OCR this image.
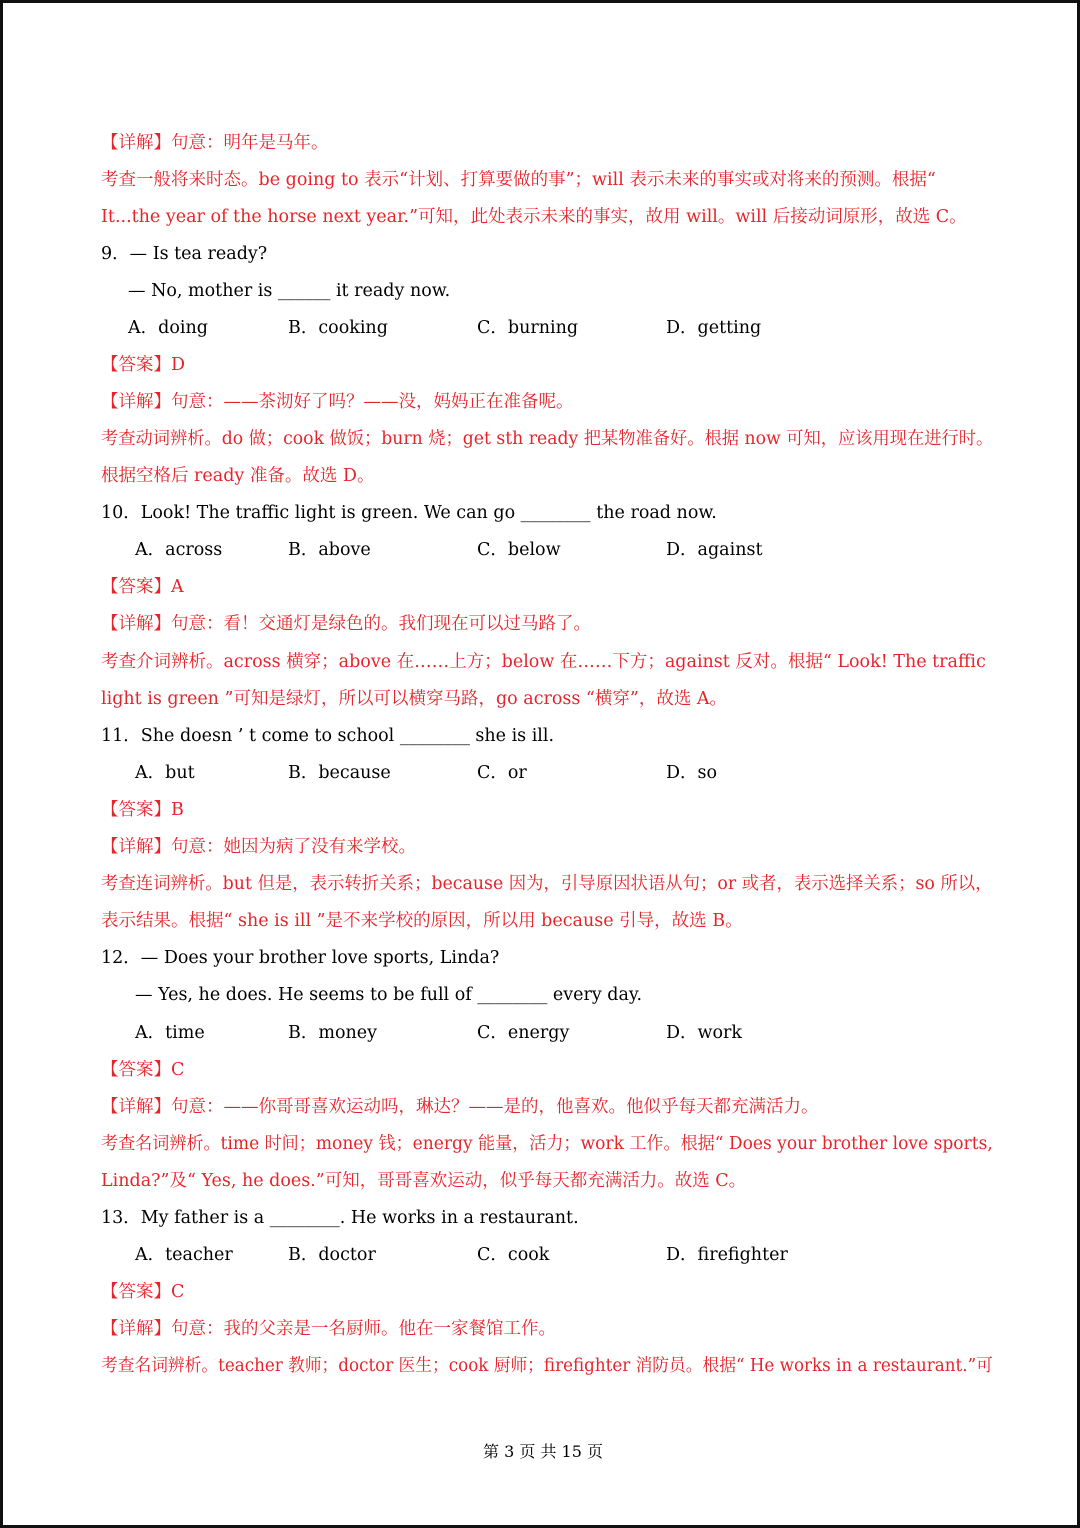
【详解】句意：明年是马年。
考查一般将来时态。be going to 表示“计划、打算要做的事”；will 表示未来的事实或对将来的预测。根据“
It...the year of the horse next year.”可知，此处表示未来的事实，故用 will。will 后接动词原形，故选 C。
9．— Is tea ready?
— No, mother is ______ it ready now.
A．doing	B．cooking	C．burning	D．getting
【答案】D
【详解】句意：——茶沏好了吗？——没，妈妈正在准备呢。
考查动词辨析。do 做；cook 做饭；burn 烧；get sth ready 把某物准备好。根据 now 可知，应该用现在进行时。
根据空格后 ready 准备。故选 D。
10．Look! The traffic light is green. We can go ________ the road now.
A．across	B．above	C．below	D．against
【答案】A
【详解】句意：看！交通灯是绿色的。我们现在可以过马路了。
考查介词辨析。across 横穿；above 在……上方；below 在……下方；against 反对。根据“ Look! The traffic
light is green ”可知是绿灯，所以可以横穿马路，go across “横穿”，故选 A。
11．She doesn ’ t come to school ________ she is ill.
A．but	B．because	C．or	D．so
【答案】B
【详解】句意：她因为病了没有来学校。
考查连词辨析。but 但是，表示转折关系；because 因为，引导原因状语从句；or 或者，表示选择关系；so 所以，
表示结果。根据“ she is ill ”是不来学校的原因，所以用 because 引导，故选 B。
12．— Does your brother love sports, Linda?
— Yes, he does. He seems to be full of ________ every day.
A．time	B．money	C．energy	D．work
【答案】C
【详解】句意：——你哥哥喜欢运动吗，琳达？——是的，他喜欢。他似乎每天都充满活力。
考查名词辨析。time 时间；money 钱；energy 能量，活力；work 工作。根据“ Does your brother love sports,
Linda?”及“ Yes, he does.”可知，哥哥喜欢运动，似乎每天都充满活力。故选 C。
13．My father is a ________. He works in a restaurant.
A．teacher	B．doctor	C．cook	D．firefighter
【答案】C
【详解】句意：我的父亲是一名厨师。他在一家餐馆工作。
考查名词辨析。teacher 教师；doctor 医生；cook 厨师；firefighter 消防员。根据“ He works in a restaurant.”可
第 3 页 共 15 页
